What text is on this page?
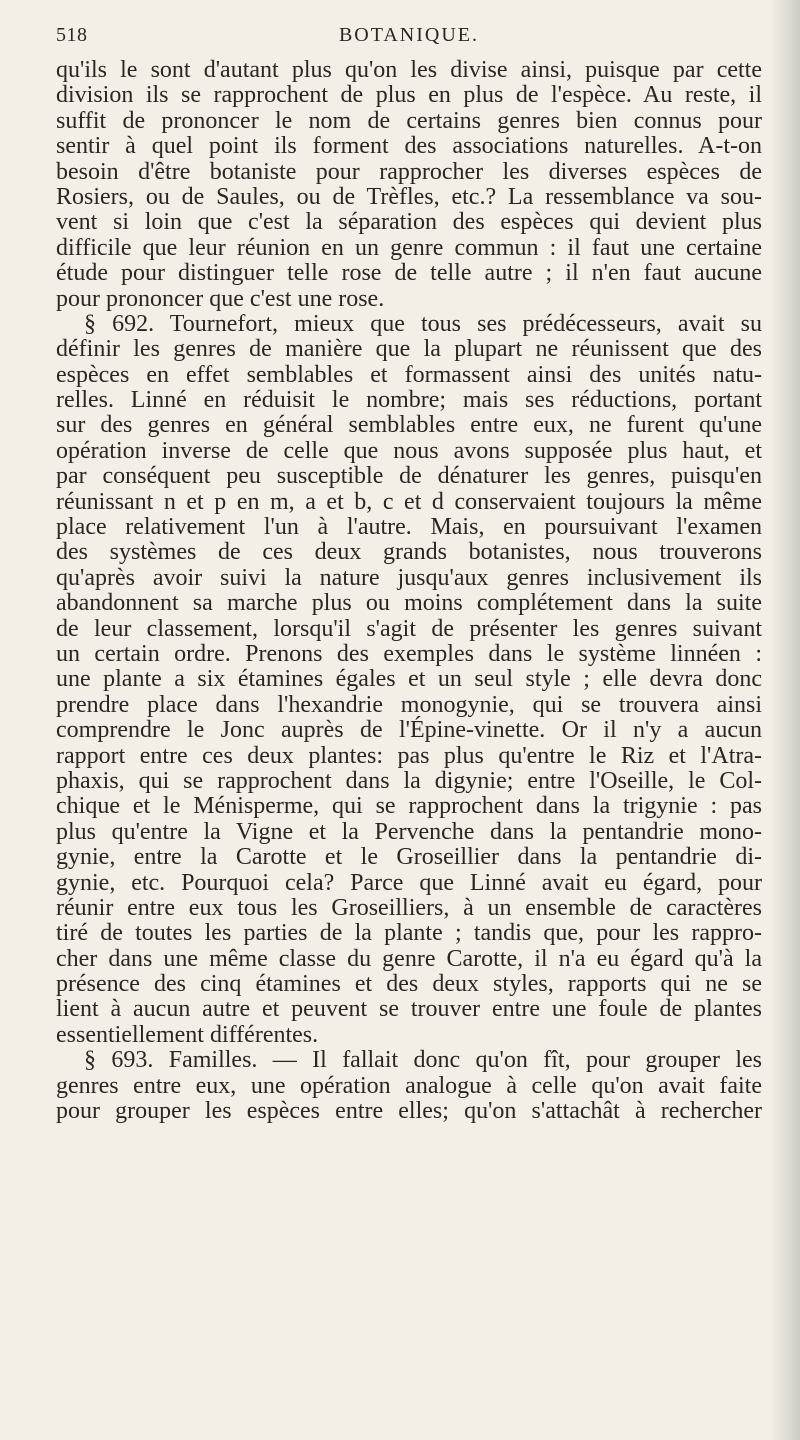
518	BOTANIQUE.
qu'ils le sont d'autant plus qu'on les divise ainsi, puisque par cette
division ils se rapprochent de plus en plus de l'espèce. Au reste, il
suffit de prononcer le nom de certains genres bien connus pour
sentir à quel point ils forment des associations naturelles. A-t-on
besoin d'être botaniste pour rapprocher les diverses espèces de
Rosiers, ou de Saules, ou de Trèfles, etc.? La ressemblance va sou-
vent si loin que c'est la séparation des espèces qui devient plus
difficile que leur réunion en un genre commun : il faut une certaine
étude pour distinguer telle rose de telle autre ; il n'en faut aucune
pour prononcer que c'est une rose.
§ 692. Tournefort, mieux que tous ses prédécesseurs, avait su
définir les genres de manière que la plupart ne réunissent que des
espèces en effet semblables et formassent ainsi des unités natu-
relles. Linné en réduisit le nombre; mais ses réductions, portant
sur des genres en général semblables entre eux, ne furent qu'une
opération inverse de celle que nous avons supposée plus haut, et
par conséquent peu susceptible de dénaturer les genres, puisqu'en
réunissant n et p en m, a et b, c et d conservaient toujours la même
place relativement l'un à l'autre. Mais, en poursuivant l'examen
des systèmes de ces deux grands botanistes, nous trouverons
qu'après avoir suivi la nature jusqu'aux genres inclusivement ils
abandonnent sa marche plus ou moins complétement dans la suite
de leur classement, lorsqu'il s'agit de présenter les genres suivant
un certain ordre. Prenons des exemples dans le système linnéen :
une plante a six étamines égales et un seul style ; elle devra donc
prendre place dans l'hexandrie monogynie, qui se trouvera ainsi
comprendre le Jonc auprès de l'Épine-vinette. Or il n'y a aucun
rapport entre ces deux plantes: pas plus qu'entre le Riz et l'Atra-
phaxis, qui se rapprochent dans la digynie; entre l'Oseille, le Col-
chique et le Ménisperme, qui se rapprochent dans la trigynie : pas
plus qu'entre la Vigne et la Pervenche dans la pentandrie mono-
gynie, entre la Carotte et le Groseillier dans la pentandrie di-
gynie, etc. Pourquoi cela? Parce que Linné avait eu égard, pour
réunir entre eux tous les Groseilliers, à un ensemble de caractères
tiré de toutes les parties de la plante ; tandis que, pour les rappro-
cher dans une même classe du genre Carotte, il n'a eu égard qu'à la
présence des cinq étamines et des deux styles, rapports qui ne se
lient à aucun autre et peuvent se trouver entre une foule de plantes
essentiellement différentes.
§ 693. Familles. — Il fallait donc qu'on fît, pour grouper les
genres entre eux, une opération analogue à celle qu'on avait faite
pour grouper les espèces entre elles; qu'on s'attachât à rechercher
